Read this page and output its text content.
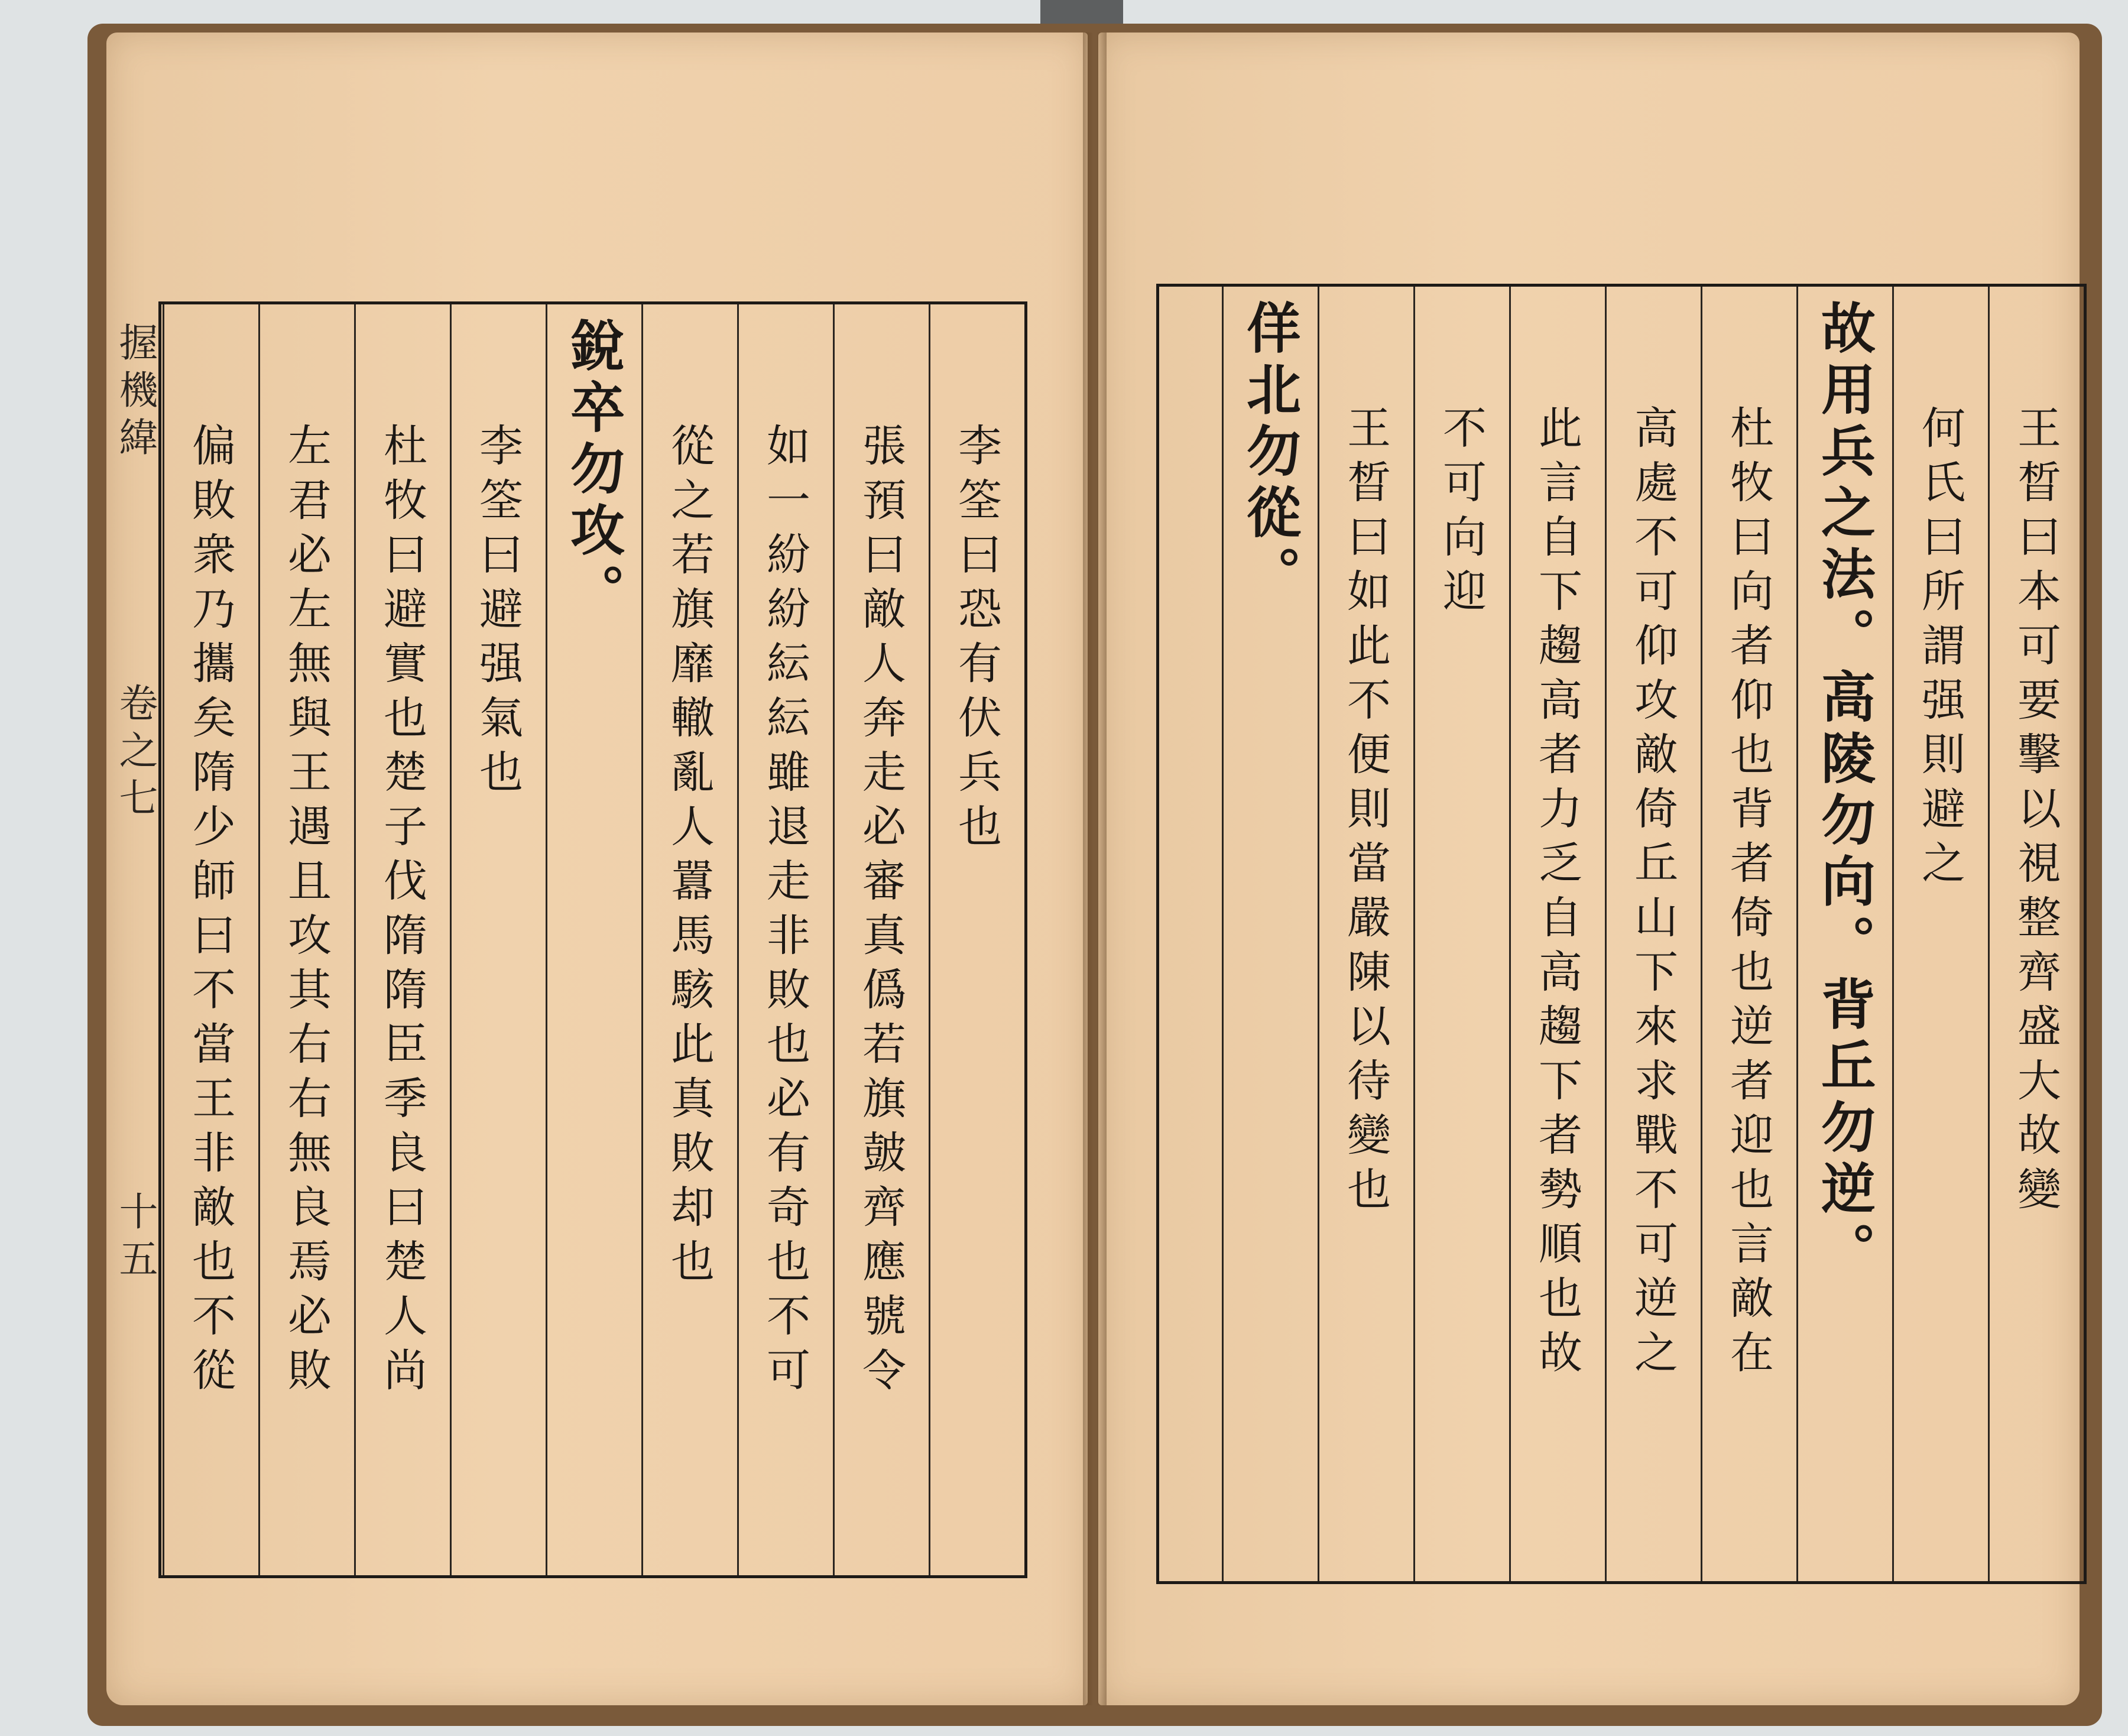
李筌曰恐有伏兵也
張預曰敵人奔走必審真僞若旗皷齊應號令
如一紛紛紜紜雖退走非敗也必有奇也不可
從之若旗靡轍亂人囂馬駭此真敗却也
銳卒勿攻。
李筌曰避强氣也
杜牧曰避實也楚子伐隋隋臣季良曰楚人尚
左君必左無與王遇且攻其右右無良焉必敗
偏敗衆乃攜矣隋少師曰不當王非敵也不從
握機緯
卷之七
十五
王晳曰本可要擊以視整齊盛大故變
何氏曰所謂强則避之
故用兵之法。高陵勿向。背丘勿逆。
杜牧曰向者仰也背者倚也逆者迎也言敵在
高處不可仰攻敵倚丘山下來求戰不可逆之
此言自下趨高者力乏自高趨下者勢順也故
不可向迎
王晳曰如此不便則當嚴陳以待變也
佯北勿從。
